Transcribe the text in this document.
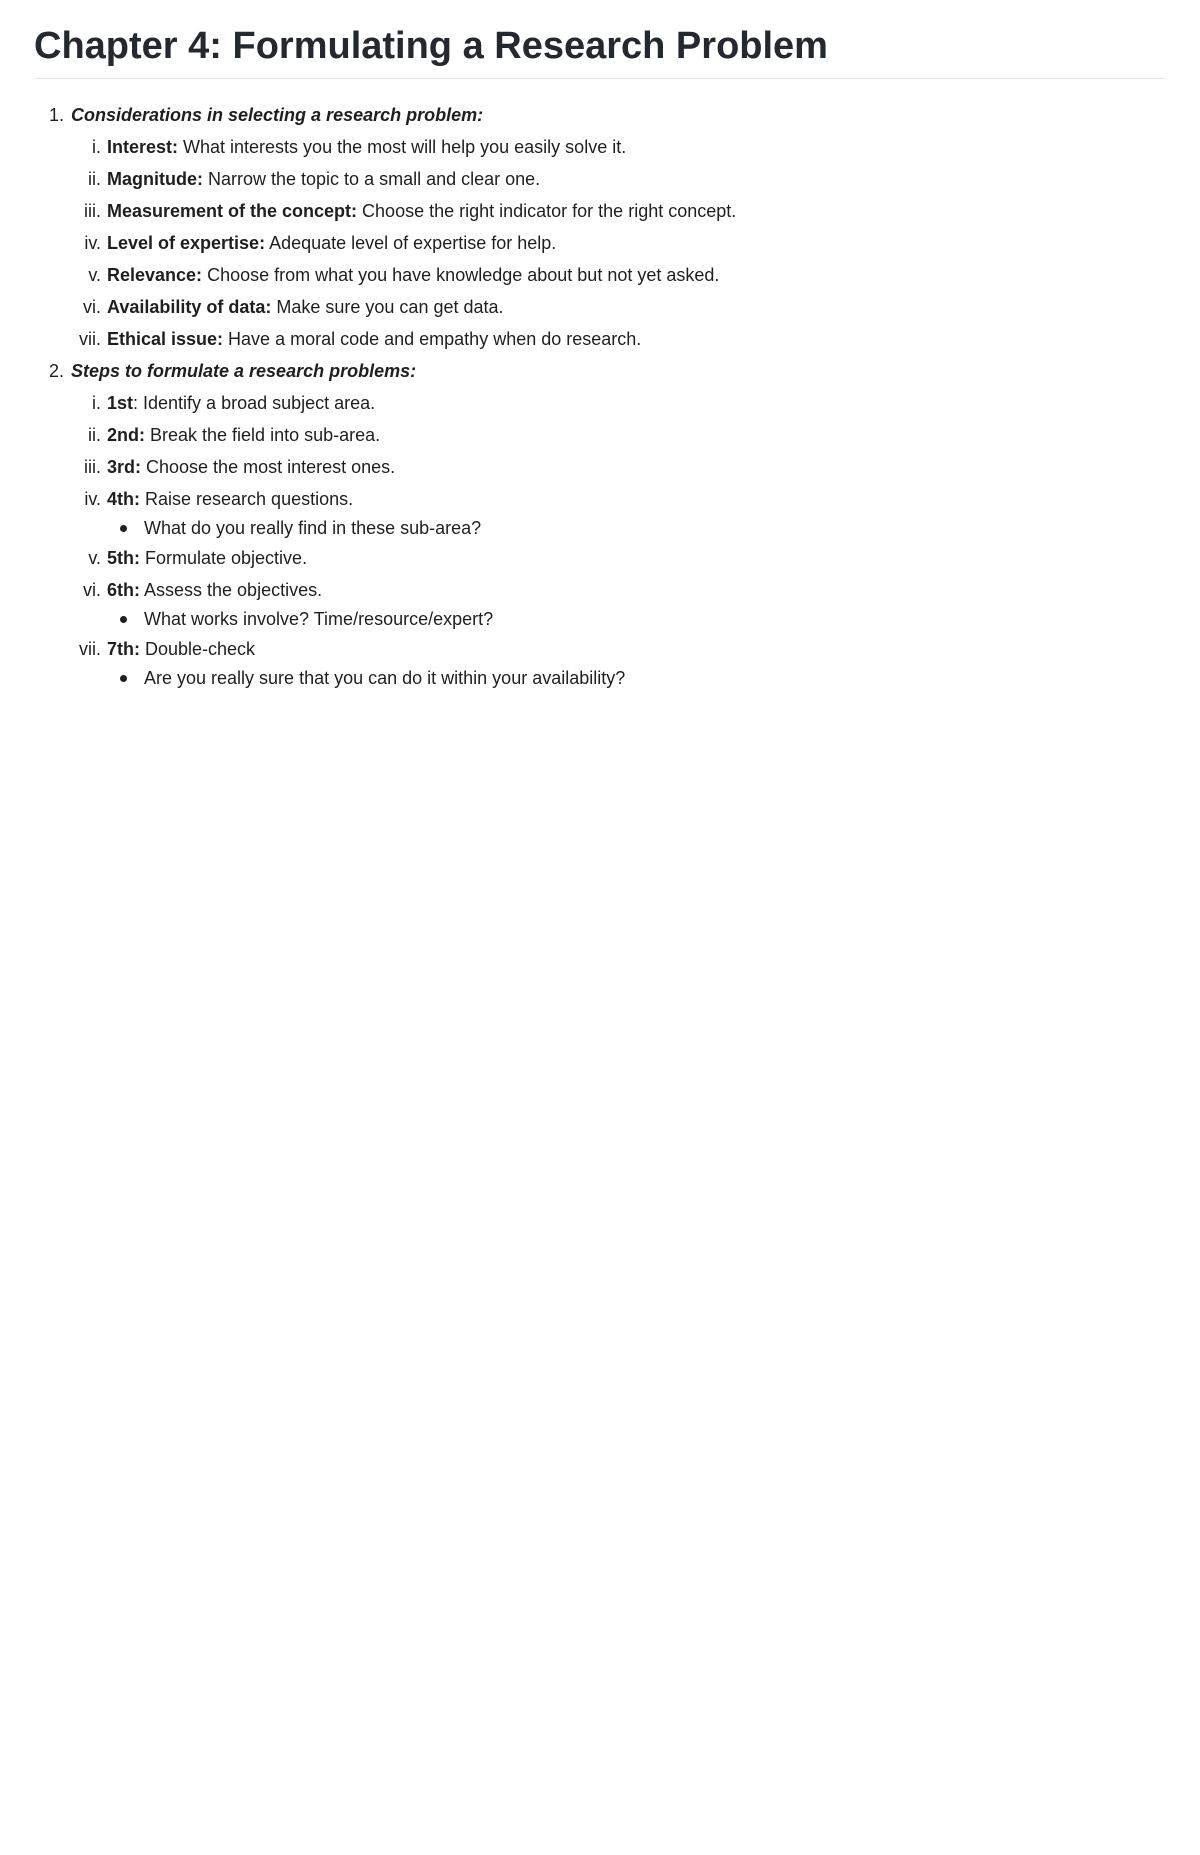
Chapter 4: Formulating a Research Problem
1. Considerations in selecting a research problem:
i. Interest: What interests you the most will help you easily solve it.
ii. Magnitude: Narrow the topic to a small and clear one.
iii. Measurement of the concept: Choose the right indicator for the right concept.
iv. Level of expertise: Adequate level of expertise for help.
v. Relevance: Choose from what you have knowledge about but not yet asked.
vi. Availability of data: Make sure you can get data.
vii. Ethical issue: Have a moral code and empathy when do research.
2. Steps to formulate a research problems:
i. 1st: Identify a broad subject area.
ii. 2nd: Break the field into sub-area.
iii. 3rd: Choose the most interest ones.
iv. 4th: Raise research questions.
What do you really find in these sub-area?
v. 5th: Formulate objective.
vi. 6th: Assess the objectives.
What works involve? Time/resource/expert?
vii. 7th: Double-check
Are you really sure that you can do it within your availability?
